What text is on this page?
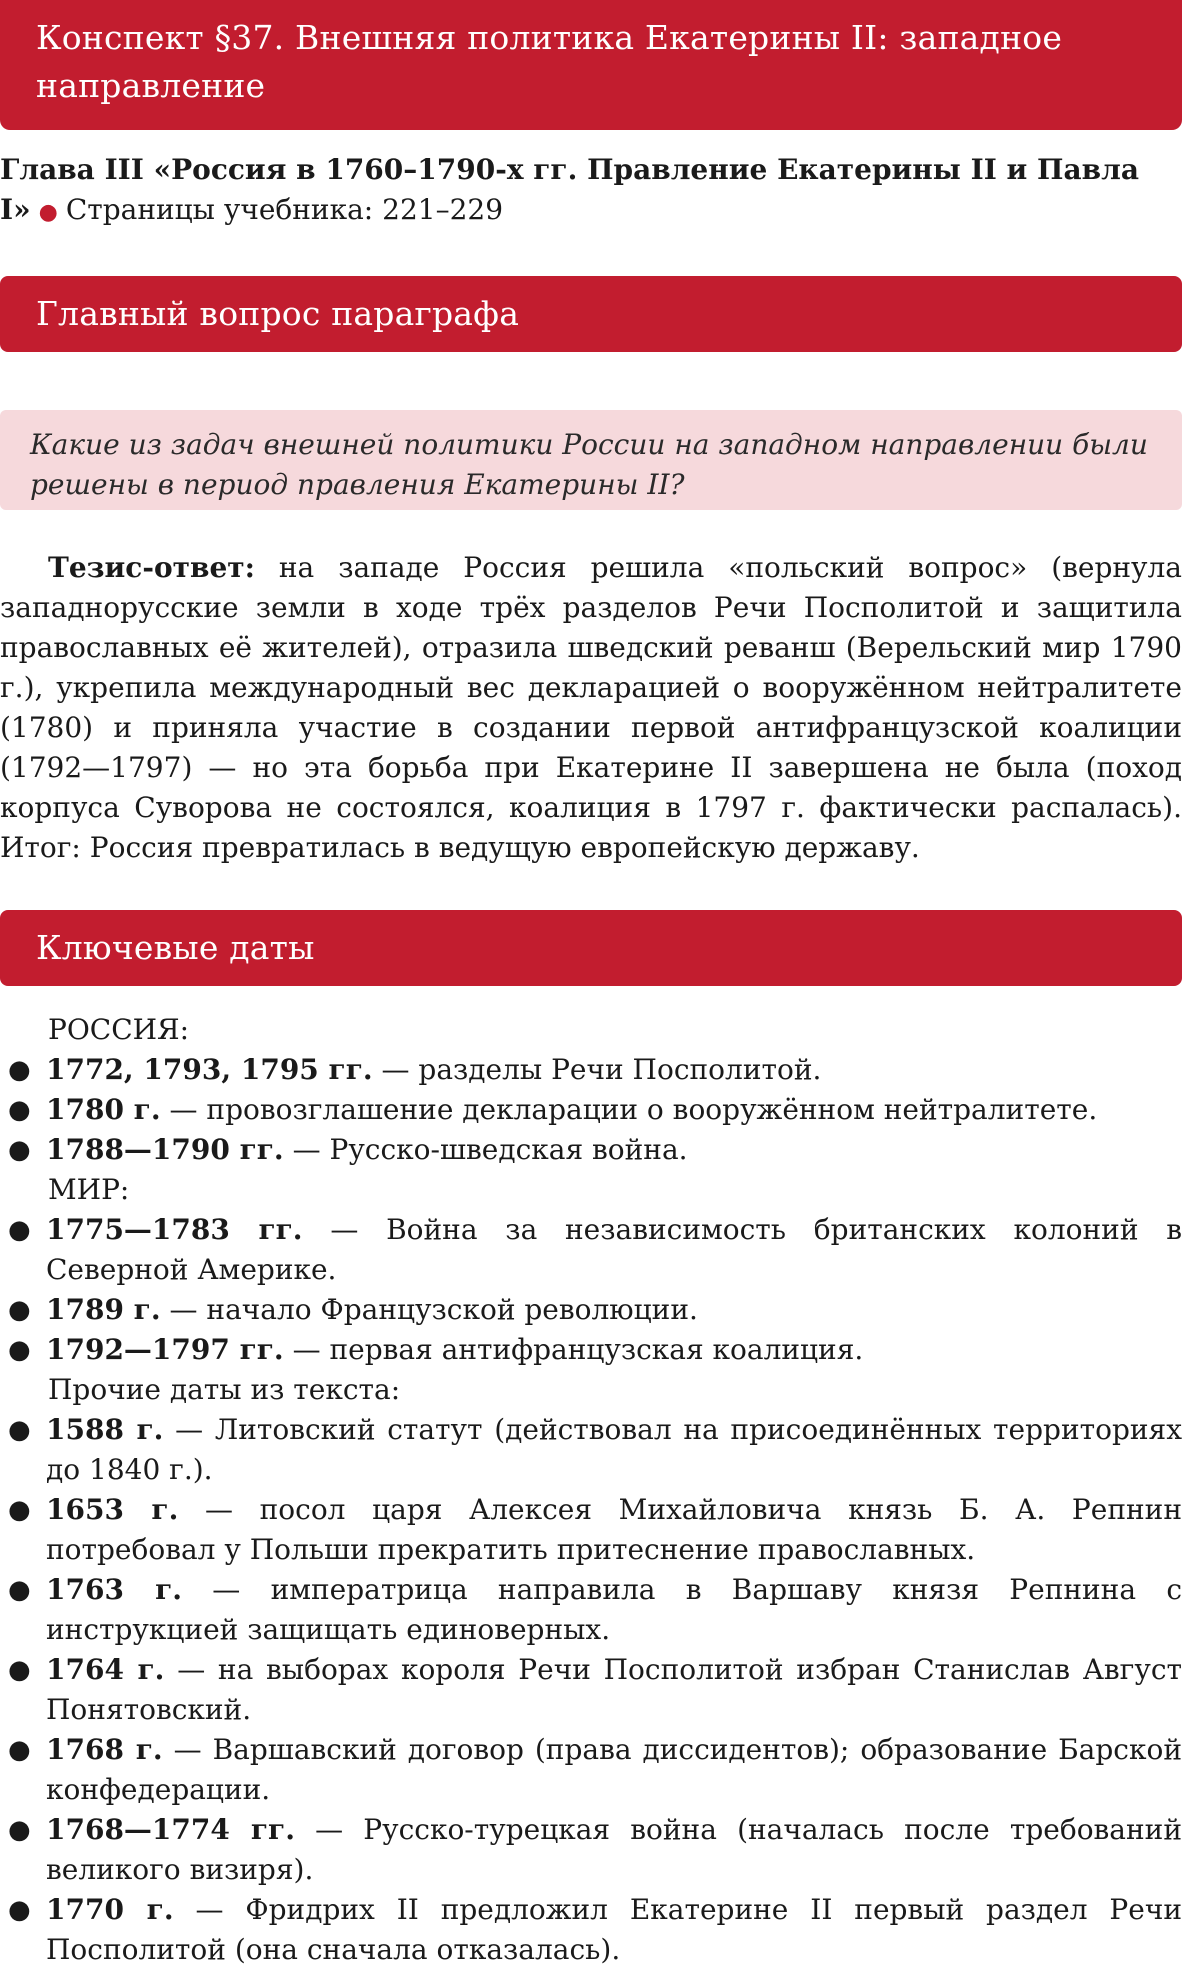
Конспект §37. Внешняя политика Екатерины II: западное направление
Глава III «Россия в 1760–1790-х гг. Правление Екатерины II и Павла I» ● Страницы учебника: 221–229
Главный вопрос параграфа
Какие из задач внешней политики России на западном направлении были решены в период правления Екатерины II?
Тезис-ответ: на западе Россия решила «польский вопрос» (вернула западнорусские земли в ходе трёх разделов Речи Посполитой и защитила православных её жителей), отразила шведский реванш (Верельский мир 1790 г.), укрепила международный вес декларацией о вооружённом нейтралитете (1780) и приняла участие в создании первой антифранцузской коалиции (1792—1797) — но эта борьба при Екатерине II завершена не была (поход корпуса Суворова не состоялся, коалиция в 1797 г. фактически распалась). Итог: Россия превратилась в ведущую европейскую державу.
Ключевые даты
РОССИЯ:
● 1772, 1793, 1795 гг. — разделы Речи Посполитой.
● 1780 г. — провозглашение декларации о вооружённом нейтралитете.
● 1788—1790 гг. — Русско-шведская война.
МИР:
● 1775—1783 гг. — Война за независимость британских колоний в Северной Америке.
● 1789 г. — начало Французской революции.
● 1792—1797 гг. — первая антифранцузская коалиция.
Прочие даты из текста:
● 1588 г. — Литовский статут (действовал на присоединённых территориях до 1840 г.).
● 1653 г. — посол царя Алексея Михайловича князь Б. А. Репнин потребовал у Польши прекратить притеснение православных.
● 1763 г. — императрица направила в Варшаву князя Репнина с инструкцией защищать единоверных.
● 1764 г. — на выборах короля Речи Посполитой избран Станислав Август Понятовский.
● 1768 г. — Варшавский договор (права диссидентов); образование Барской конфедерации.
● 1768—1774 гг. — Русско-турецкая война (началась после требований великого визиря).
● 1770 г. — Фридрих II предложил Екатерине II первый раздел Речи Посполитой (она сначала отказалась).
